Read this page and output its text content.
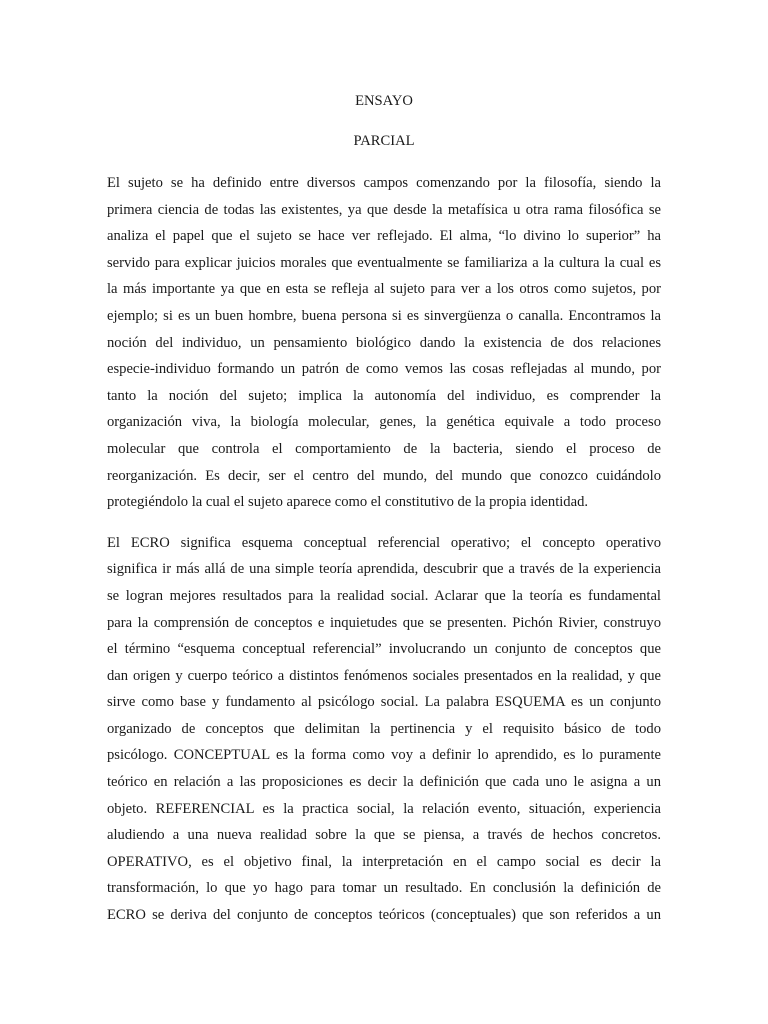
ENSAYO
PARCIAL

El sujeto se ha definido entre diversos campos comenzando por la filosofía, siendo la
primera ciencia de todas las existentes, ya que desde la metafísica u otra rama filosófica se
analiza el papel que el sujeto se hace ver reflejado. El alma, “lo divino lo superior” ha
servido para explicar juicios morales que eventualmente se familiariza a la cultura la cual es
la más importante ya que en esta se refleja al sujeto para ver a los otros como sujetos, por
ejemplo; si es un buen hombre, buena persona si es sinvergüenza o canalla. Encontramos la
noción del individuo, un pensamiento biológico dando la existencia de dos relaciones
especie-individuo formando un patrón de como vemos las cosas reflejadas al mundo, por
tanto la noción del sujeto; implica la autonomía del individuo, es comprender la
organización viva, la biología molecular, genes, la genética equivale a todo proceso
molecular que controla el comportamiento de la bacteria, siendo el proceso de
reorganización. Es decir, ser el centro del mundo, del mundo que conozco cuidándolo
protegiéndolo la cual el sujeto aparece como el constitutivo de la propia identidad.

El ECRO significa esquema conceptual referencial operativo; el concepto operativo
significa ir más allá de una simple teoría aprendida, descubrir que a través de la experiencia
se logran mejores resultados para la realidad social. Aclarar que la teoría es fundamental
para la comprensión de conceptos e inquietudes que se presenten. Pichón Rivier, construyo
el término “esquema conceptual referencial” involucrando un conjunto de conceptos que
dan origen y cuerpo teórico a distintos fenómenos sociales presentados en la realidad, y que
sirve como base y fundamento al psicólogo social. La palabra ESQUEMA es un conjunto
organizado de conceptos que delimitan la pertinencia y el requisito básico de todo
psicólogo. CONCEPTUAL es la forma como voy a definir lo aprendido, es lo puramente
teórico en relación a las proposiciones es decir la definición que cada uno le asigna a un
objeto. REFERENCIAL es la practica social, la relación evento, situación, experiencia
aludiendo a una nueva realidad sobre la que se piensa, a través de hechos concretos.
OPERATIVO, es el objetivo final, la interpretación en el campo social es decir la
transformación, lo que yo hago para tomar un resultado. En conclusión la definición de
ECRO se deriva del conjunto de conceptos teóricos (conceptuales) que son referidos a un
